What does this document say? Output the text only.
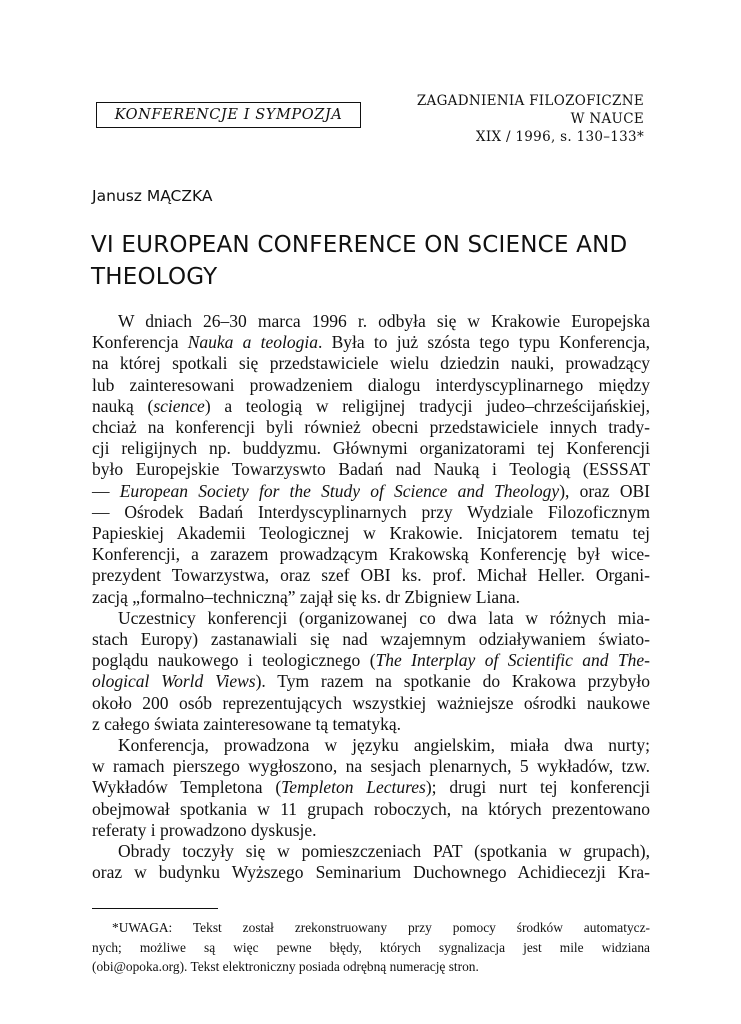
KONFERENCJE I SYMPOZJA
ZAGADNIENIA FILOZOFICZNE
W NAUCE
XIX / 1996, s. 130–133*
Janusz MĄCZKA
VI EUROPEAN CONFERENCE ON SCIENCE AND THEOLOGY
W dniach 26–30 marca 1996 r. odbyła się w Krakowie Europejska
Konferencja Nauka a teologia. Była to już szósta tego typu Konferencja,
na której spotkali się przedstawiciele wielu dziedzin nauki, prowadzący
lub zainteresowani prowadzeniem dialogu interdyscyplinarnego między
nauką (science) a teologią w religijnej tradycji judeo–chrześcijańskiej,
chciaż na konferencji byli również obecni przedstawiciele innych trady-
cji religijnych np. buddyzmu. Głównymi organizatorami tej Konferencji
było Europejskie Towarzyswto Badań nad Nauką i Teologią (ESSSAT
— European Society for the Study of Science and Theology), oraz OBI
— Ośrodek Badań Interdyscyplinarnych przy Wydziale Filozoficznym
Papieskiej Akademii Teologicznej w Krakowie. Inicjatorem tematu tej
Konferencji, a zarazem prowadzącym Krakowską Konferencję był wice-
prezydent Towarzystwa, oraz szef OBI ks. prof. Michał Heller. Organi-
zacją „formalno–techniczną” zajął się ks. dr Zbigniew Liana.
Uczestnicy konferencji (organizowanej co dwa lata w różnych mia-
stach Europy) zastanawiali się nad wzajemnym odziaływaniem świato-
poglądu naukowego i teologicznego (The Interplay of Scientific and The-
ological World Views). Tym razem na spotkanie do Krakowa przybyło
około 200 osób reprezentujących wszystkiej ważniejsze ośrodki naukowe
z całego świata zainteresowane tą tematyką.
Konferencja, prowadzona w języku angielskim, miała dwa nurty;
w ramach pierszego wygłoszono, na sesjach plenarnych, 5 wykładów, tzw.
Wykładów Templetona (Templeton Lectures); drugi nurt tej konferencji
obejmował spotkania w 11 grupach roboczych, na których prezentowano
referaty i prowadzono dyskusje.
Obrady toczyły się w pomieszczeniach PAT (spotkania w grupach),
oraz w budynku Wyższego Seminarium Duchownego Achidiecezji Kra-
*UWAGA: Tekst został zrekonstruowany przy pomocy środków automatycz-
nych; możliwe są więc pewne błędy, których sygnalizacja jest mile widziana
(obi@opoka.org). Tekst elektroniczny posiada odrębną numerację stron.
